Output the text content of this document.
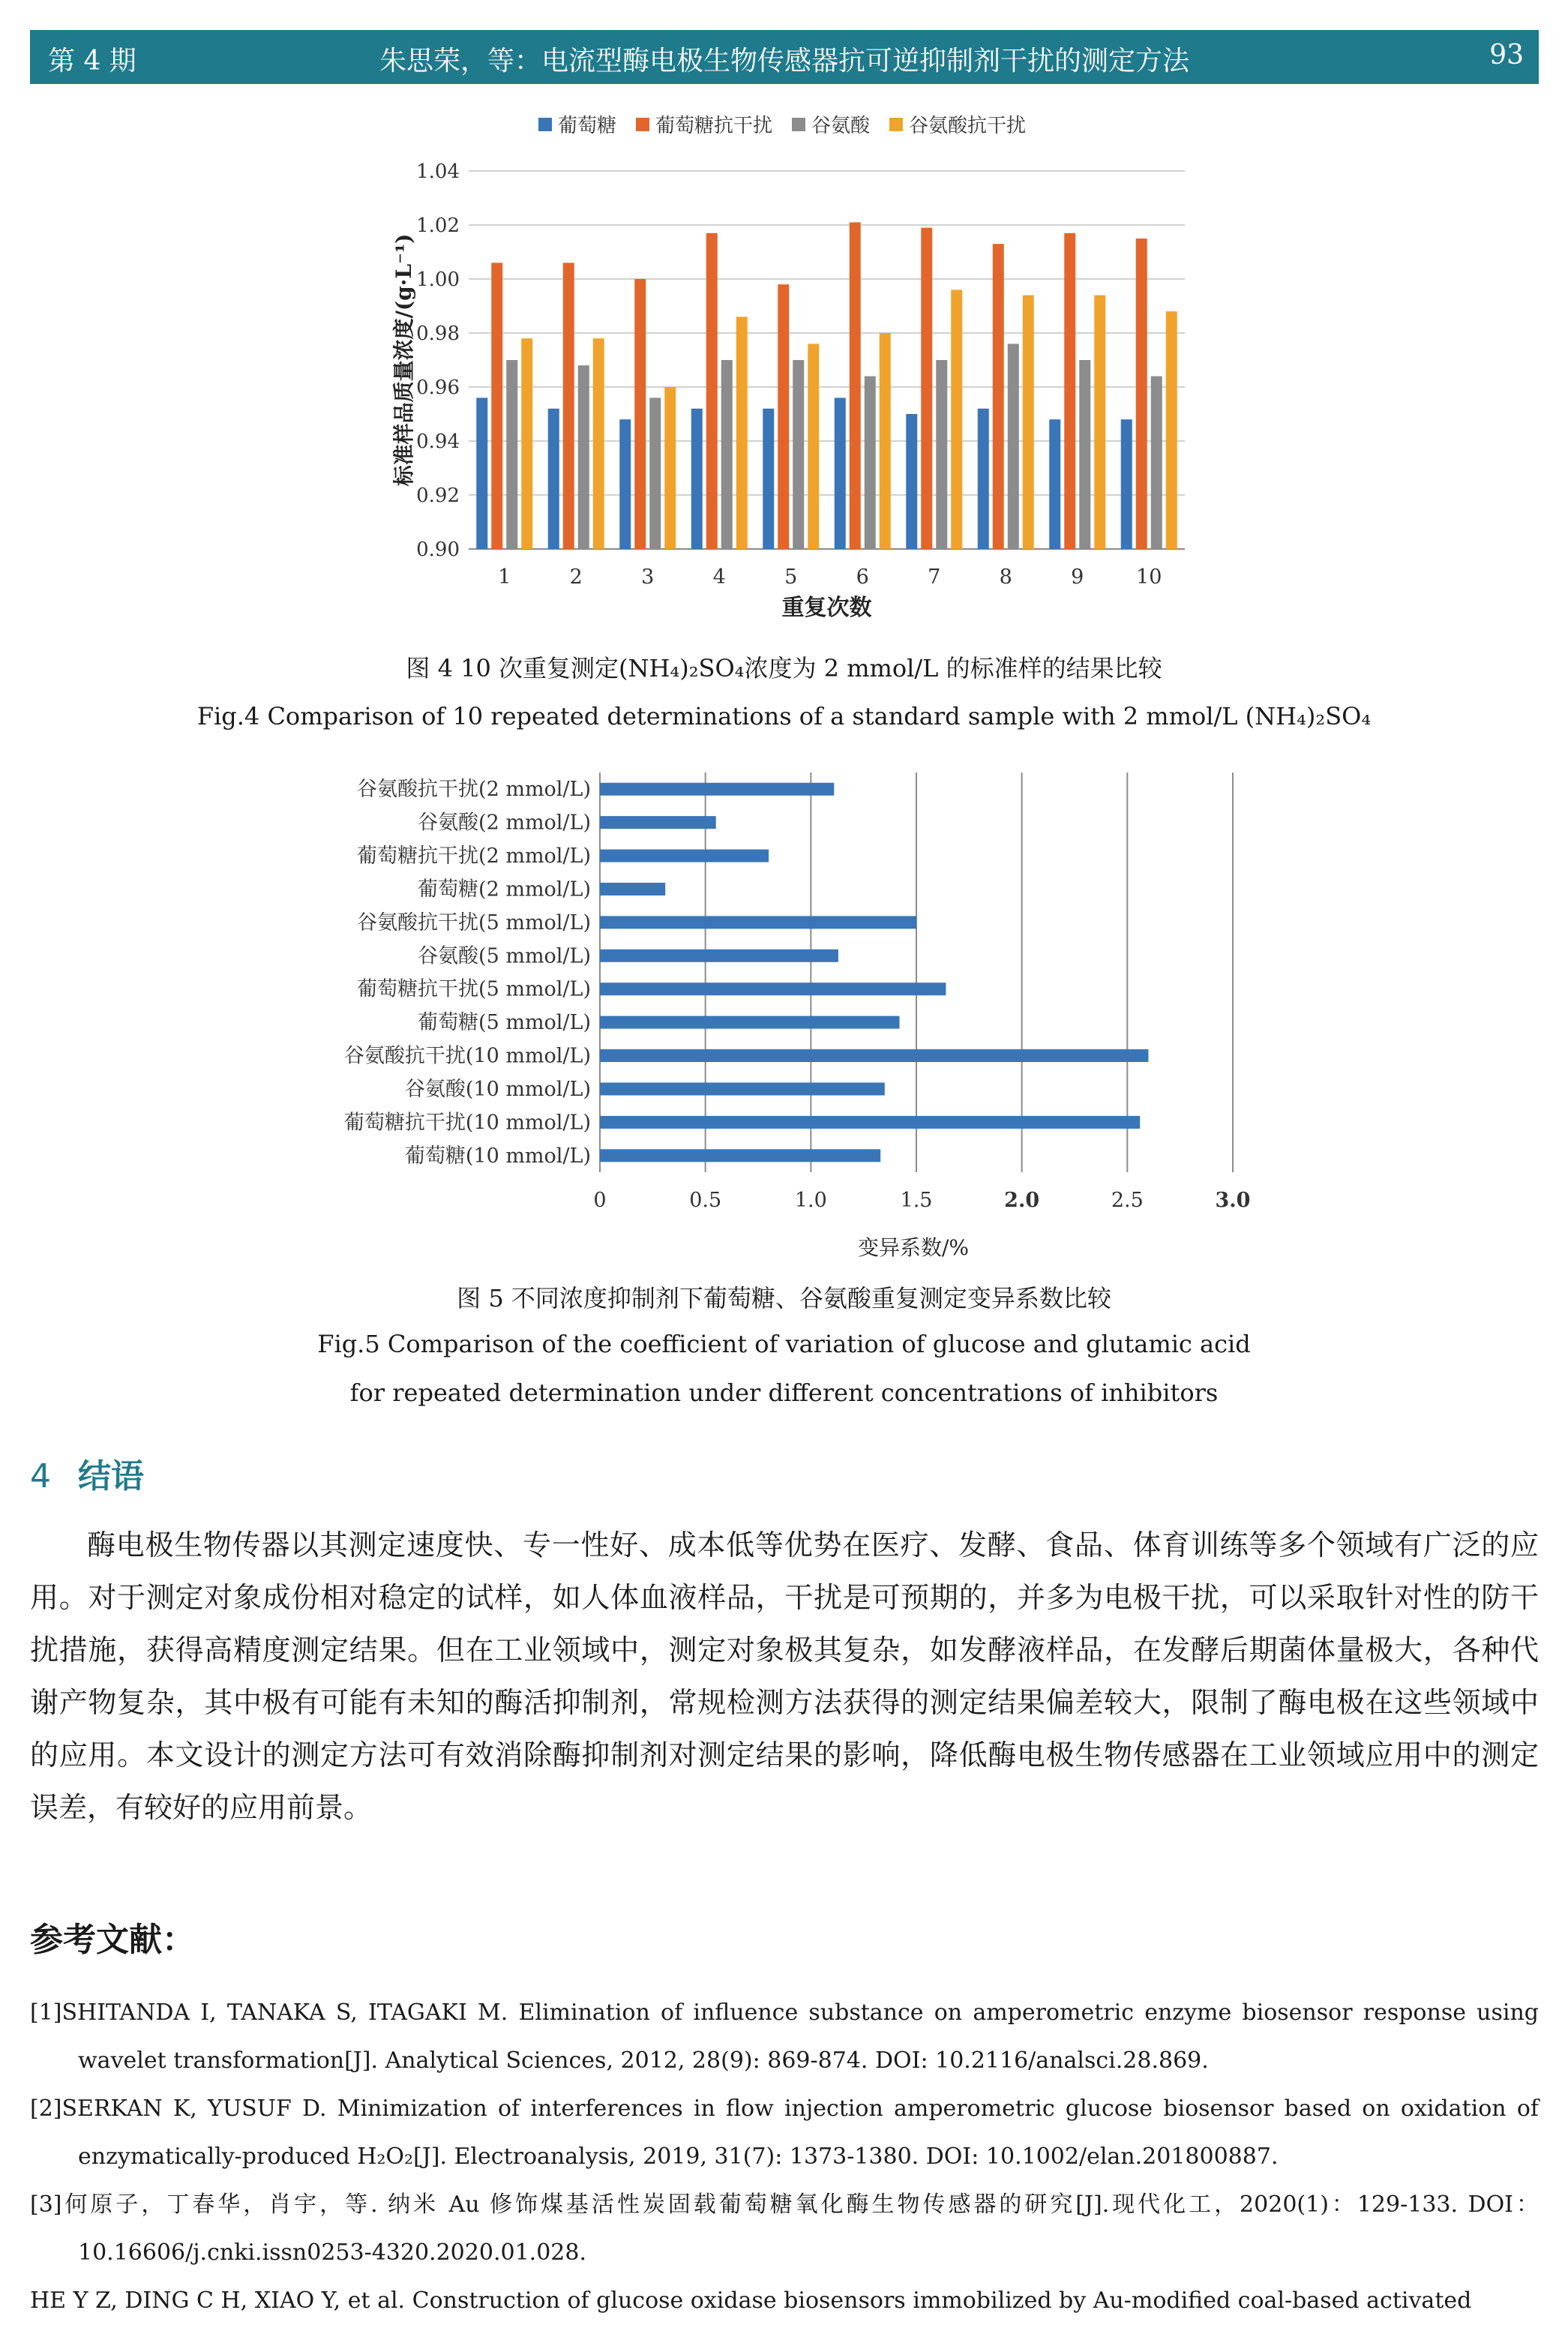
第 4 期	朱思荣，等：电流型酶电极生物传感器抗可逆抑制剂干扰的测定方法	93
0.90
0.92
0.94
0.96
0.98
1.00
1.02
1.04
1	2	3	4	5	6	7	8	9	10
重复次数
标准样品质量浓度/(g·L⁻¹)
葡萄糖 葡萄糖抗干扰 谷氨酸 谷氨酸抗干扰
图 4 10 次重复测定(NH₄)₂SO₄浓度为 2 mmol/L 的标准样的结果比较
Fig.4 Comparison of 10 repeated determinations of a standard sample with 2 mmol/L (NH₄)₂SO₄
0	0.5	1.0	1.5	2.0	2.5	3.0
谷氨酸抗干扰(2 mmol/L)
谷氨酸(2 mmol/L)
葡萄糖抗干扰(2 mmol/L)
葡萄糖(2 mmol/L)
谷氨酸抗干扰(5 mmol/L)
谷氨酸(5 mmol/L)
葡萄糖抗干扰(5 mmol/L)
葡萄糖(5 mmol/L)
谷氨酸抗干扰(10 mmol/L)
谷氨酸(10 mmol/L)
葡萄糖抗干扰(10 mmol/L)
葡萄糖(10 mmol/L)
变异系数/%
图 5 不同浓度抑制剂下葡萄糖、谷氨酸重复测定变异系数比较
Fig.5 Comparison of the coefficient of variation of glucose and glutamic acid
for repeated determination under different concentrations of inhibitors
4 结语
酶电极生物传器以其测定速度快、专一性好、成本低等优势在医疗、发酵、食品、体育训练等多个领域有广泛的应用。对于测定对象成份相对稳定的试样，如人体血液样品，干扰是可预期的，并多为电极干扰，可以采取针对性的防干扰措施，获得高精度测定结果。但在工业领域中，测定对象极其复杂，如发酵液样品，在发酵后期菌体量极大，各种代谢产物复杂，其中极有可能有未知的酶活抑制剂，常规检测方法获得的测定结果偏差较大，限制了酶电极在这些领域中的应用。本文设计的测定方法可有效消除酶抑制剂对测定结果的影响，降低酶电极生物传感器在工业领域应用中的测定误差，有较好的应用前景。
参考文献：
[1]SHITANDA I, TANAKA S, ITAGAKI M. Elimination of influence substance on amperometric enzyme biosensor response using wavelet transformation[J]. Analytical Sciences, 2012, 28(9): 869-874. DOI: 10.2116/analsci.28.869.
[2]SERKAN K, YUSUF D. Minimization of interferences in flow injection amperometric glucose biosensor based on oxidation of enzymatically-produced H₂O₂[J]. Electroanalysis, 2019, 31(7): 1373-1380. DOI: 10.1002/elan.201800887.
[3]何原子，丁春华，肖宇，等. 纳米 Au 修饰煤基活性炭固载葡萄糖氧化酶生物传感器的研究[J].现代化工，2020(1)：129-133. DOI：10.16606/j.cnki.issn0253-4320.2020.01.028.
HE Y Z, DING C H, XIAO Y, et al. Construction of glucose oxidase biosensors immobilized by Au-modified coal-based activated
